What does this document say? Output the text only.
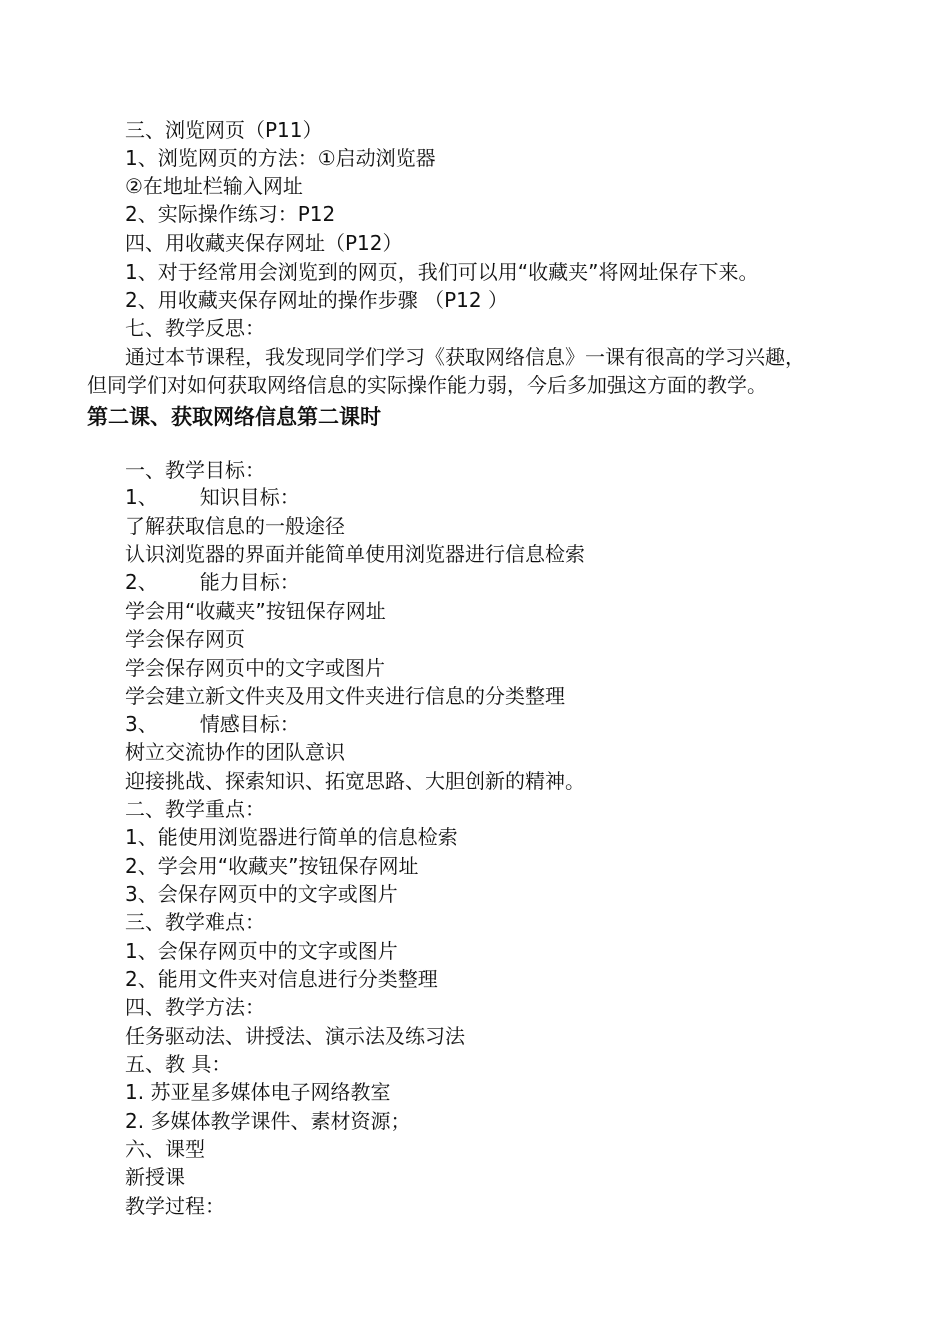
三、浏览网页（P11）
1、浏览网页的方法：①启动浏览器
②在地址栏输入网址
2、实际操作练习：P12
四、用收藏夹保存网址（P12）
1、对于经常用会浏览到的网页，我们可以用“收藏夹”将网址保存下来。
2、用收藏夹保存网址的操作步骤 （P12 ）
七、教学反思：
通过本节课程，我发现同学们学习《获取网络信息》一课有很高的学习兴趣，
但同学们对如何获取网络信息的实际操作能力弱，今后多加强这方面的教学。
第二课、获取网络信息第二课时
一、教学目标：
1、 知识目标：
了解获取信息的一般途径
认识浏览器的界面并能简单使用浏览器进行信息检索
2、 能力目标：
学会用“收藏夹”按钮保存网址
学会保存网页
学会保存网页中的文字或图片
学会建立新文件夹及用文件夹进行信息的分类整理
3、 情感目标：
树立交流协作的团队意识
迎接挑战、探索知识、拓宽思路、大胆创新的精神。
二、教学重点：
1、能使用浏览器进行简单的信息检索
2、学会用“收藏夹”按钮保存网址
3、会保存网页中的文字或图片
三、教学难点：
1、会保存网页中的文字或图片
2、能用文件夹对信息进行分类整理
四、教学方法：
任务驱动法、讲授法、演示法及练习法
五、教 具：
1. 苏亚星多媒体电子网络教室
2. 多媒体教学课件、素材资源；
六、课型
新授课
教学过程：
